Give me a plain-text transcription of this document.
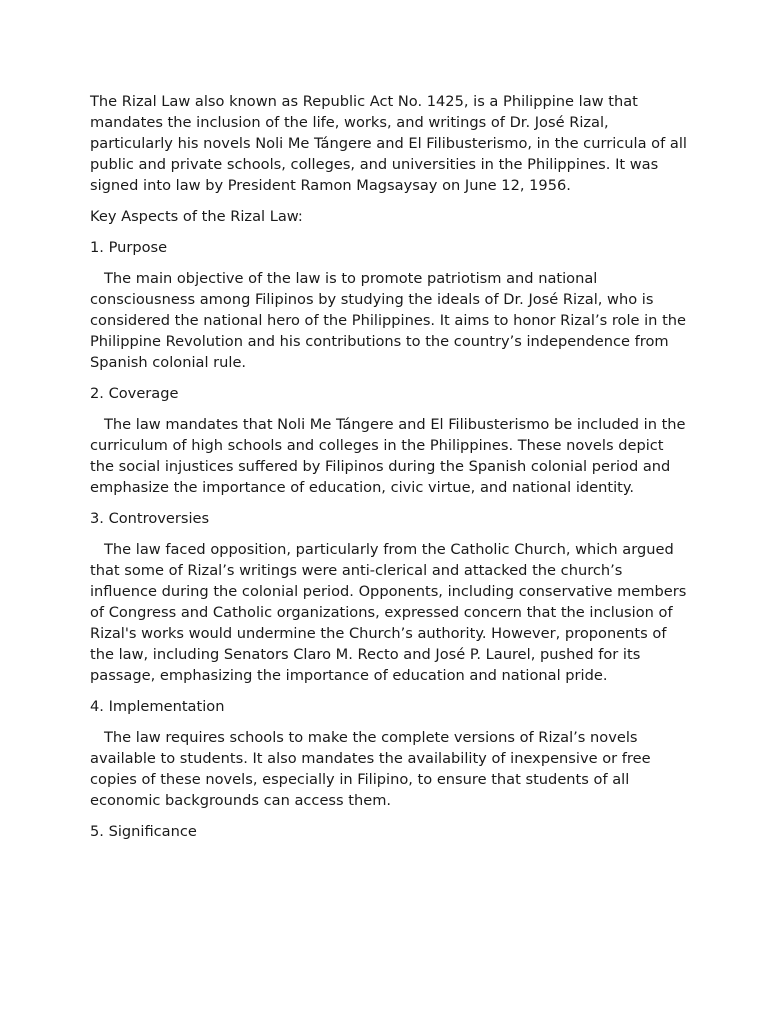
The Rizal Law also known as Republic Act No. 1425, is a Philippine law that mandates the inclusion of the life, works, and writings of Dr. José Rizal, particularly his novels Noli Me Tángere and El Filibusterismo, in the curricula of all public and private schools, colleges, and universities in the Philippines. It was signed into law by President Ramon Magsaysay on June 12, 1956.

Key Aspects of the Rizal Law:

1. Purpose

The main objective of the law is to promote patriotism and national consciousness among Filipinos by studying the ideals of Dr. José Rizal, who is considered the national hero of the Philippines. It aims to honor Rizal’s role in the Philippine Revolution and his contributions to the country’s independence from Spanish colonial rule.

2. Coverage

The law mandates that Noli Me Tángere and El Filibusterismo be included in the curriculum of high schools and colleges in the Philippines. These novels depict the social injustices suffered by Filipinos during the Spanish colonial period and emphasize the importance of education, civic virtue, and national identity.

3. Controversies

The law faced opposition, particularly from the Catholic Church, which argued that some of Rizal’s writings were anti-clerical and attacked the church’s influence during the colonial period. Opponents, including conservative members of Congress and Catholic organizations, expressed concern that the inclusion of Rizal's works would undermine the Church’s authority. However, proponents of the law, including Senators Claro M. Recto and José P. Laurel, pushed for its passage, emphasizing the importance of education and national pride.

4. Implementation

The law requires schools to make the complete versions of Rizal’s novels available to students. It also mandates the availability of inexpensive or free copies of these novels, especially in Filipino, to ensure that students of all economic backgrounds can access them.

5. Significance
